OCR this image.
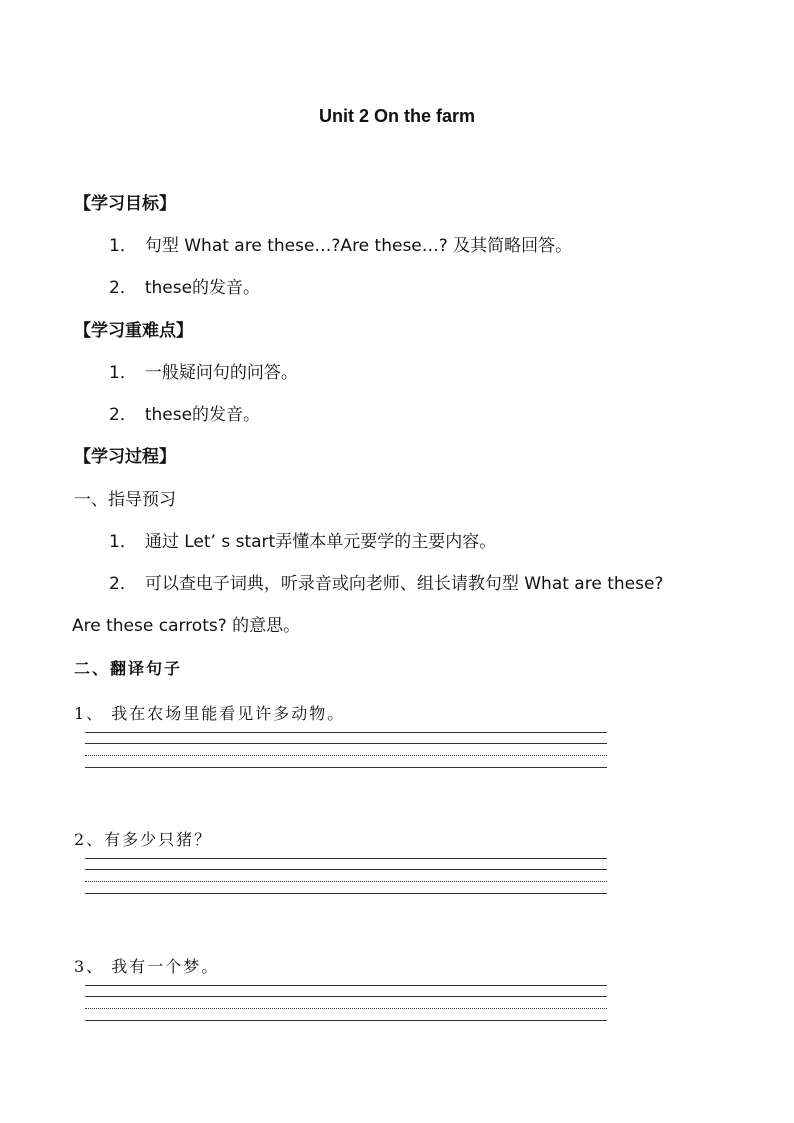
Unit 2 On the farm
【学习目标】
1． 句型 What are these…?Are these…? 及其简略回答。
2． these的发音。
【学习重难点】
1． 一般疑问句的问答。
2． these的发音。
【学习过程】
一、指导预习
1． 通过 Let’ s start弄懂本单元要学的主要内容。
2． 可以查电子词典，听录音或向老师、组长请教句型 What are these?
Are these carrots? 的意思。
二、翻译句子
1、 我在农场里能看见许多动物。
2、有多少只猪？
3、 我有一个梦。
